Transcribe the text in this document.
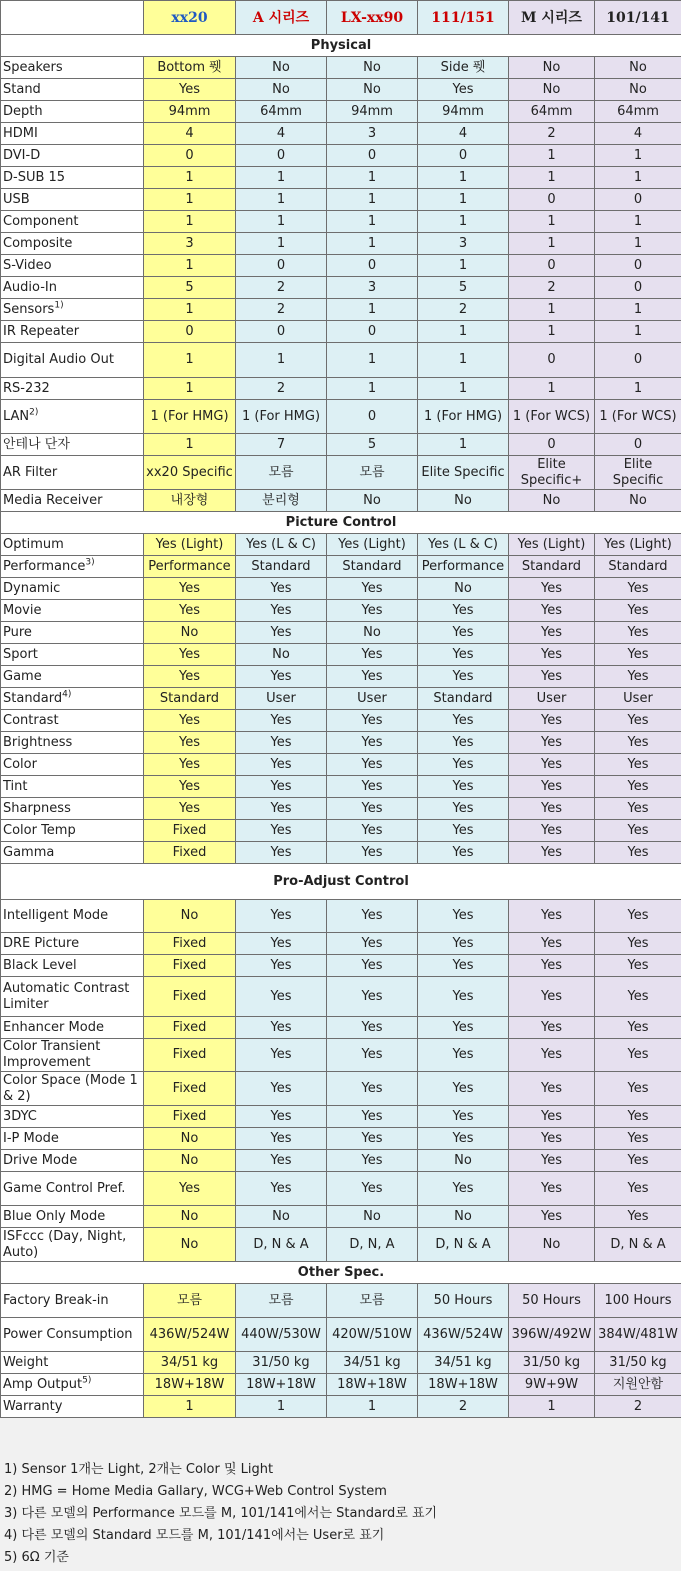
	xx20	A 시리즈	LX-xx90	111/151	M 시리즈	101/141
Physical						
Speakers	Bottom 퓃	No	No	Side 퓃	No	No
Stand	Yes	No	No	Yes	No	No
Depth	94mm	64mm	94mm	94mm	64mm	64mm
HDMI	4	4	3	4	2	4
DVI-D	0	0	0	0	1	1
D-SUB 15	1	1	1	1	1	1
USB	1	1	1	1	0	0
Component	1	1	1	1	1	1
Composite	3	1	1	3	1	1
S-Video	1	0	0	1	0	0
Audio-In	5	2	3	5	2	0
Sensors$^{1)}$	1	2	1	2	1	1
IR Repeater	0	0	0	1	1	1
Digital Audio Out	1	1	1	1	0	0
RS-232	1	2	1	1	1	1
LAN$^{2)}$	1 (For HMG)	1 (For HMG)	0	1 (For HMG)	1 (For WCS)	1 (For WCS)
안테나 단자	1	7	5	1	0	0
AR Filter	xx20 Specific	모름	모름	Elite Specific	Elite Specific+	Elite Specific
Media Receiver	내장형	분리형	No	No	No	No
Picture Control						
Optimum	Yes (Light)	Yes (L & C)	Yes (Light)	Yes (L & C)	Yes (Light)	Yes (Light)
Performance$^{3)}$	Performance	Standard	Standard	Performance	Standard	Standard
Dynamic	Yes	Yes	Yes	No	Yes	Yes
Movie	Yes	Yes	Yes	Yes	Yes	Yes
Pure	No	Yes	No	Yes	Yes	Yes
Sport	Yes	No	Yes	Yes	Yes	Yes
Game	Yes	Yes	Yes	Yes	Yes	Yes
Standard$^{4)}$	Standard	User	User	Standard	User	User
Contrast	Yes	Yes	Yes	Yes	Yes	Yes
Brightness	Yes	Yes	Yes	Yes	Yes	Yes
Color	Yes	Yes	Yes	Yes	Yes	Yes
Tint	Yes	Yes	Yes	Yes	Yes	Yes
Sharpness	Yes	Yes	Yes	Yes	Yes	Yes
Color Temp	Fixed	Yes	Yes	Yes	Yes	Yes
Gamma	Fixed	Yes	Yes	Yes	Yes	Yes
Pro-Adjust Control						
Intelligent Mode	No	Yes	Yes	Yes	Yes	Yes
DRE Picture	Fixed	Yes	Yes	Yes	Yes	Yes
Black Level	Fixed	Yes	Yes	Yes	Yes	Yes
Automatic Contrast Limiter	Fixed	Yes	Yes	Yes	Yes	Yes
Enhancer Mode	Fixed	Yes	Yes	Yes	Yes	Yes
Color Transient Improvement	Fixed	Yes	Yes	Yes	Yes	Yes
Color Space (Mode 1 & 2)	Fixed	Yes	Yes	Yes	Yes	Yes
3DYC	Fixed	Yes	Yes	Yes	Yes	Yes
I-P Mode	No	Yes	Yes	Yes	Yes	Yes
Drive Mode	No	Yes	Yes	No	Yes	Yes
Game Control Pref.	Yes	Yes	Yes	Yes	Yes	Yes
Blue Only Mode	No	No	No	No	Yes	Yes
ISFccc (Day, Night, Auto)	No	D, N & A	D, N, A	D, N & A	No	D, N & A
Other Spec.						
Factory Break-in	모름	모름	모름	50 Hours	50 Hours	100 Hours
Power Consumption	436W/524W	440W/530W	420W/510W	436W/524W	396W/492W	384W/481W
Weight	34/51 kg	31/50 kg	34/51 kg	34/51 kg	31/50 kg	31/50 kg
Amp Output$^{5)}$	18W+18W	18W+18W	18W+18W	18W+18W	9W+9W	지원안함
Warranty	1	1	1	2	1	2
1) Sensor 1개는 Light, 2개는 Color 및 Light
2) HMG = Home Media Gallary, WCG+Web Control System
3) 다른 모델의 Performance 모드를 M, 101/141에서는 Standard로 표기
4) 다른 모델의 Standard 모드를 M, 101/141에서는 User로 표기
5) 6Ω 기준
